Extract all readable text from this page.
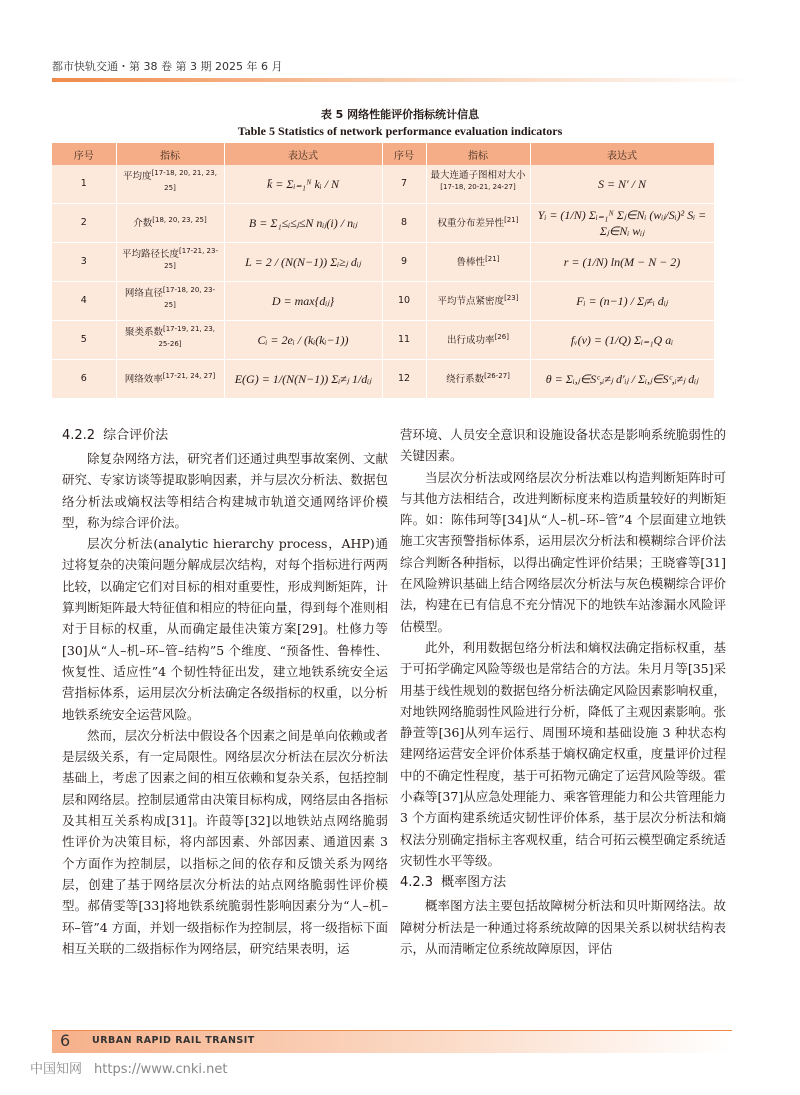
都市快轨交通・第 38 卷 第 3 期 2025 年 6 月
表 5 网络性能评价指标统计信息
Table 5 Statistics of network performance evaluation indicators
序号	指标	表达式	序号	指标	表达式
1	平均度[17-18, 20, 21, 23, 25]	k̄ = Σᵢ₌₁ᴺ kᵢ / N	7	最大连通子图相对大小[17-18, 20-21, 24-27]	S = N′ / N
2	介数[18, 20, 23, 25]	B = Σ₁≤ᵢ≤ⱼ≤N nᵢⱼ(i) / nᵢⱼ	8	权重分布差异性[21]	Yᵢ = (1/N) Σᵢ₌₁ᴺ Σⱼ∈Nᵢ (wᵢⱼ/Sᵢ)² Sᵢ = Σⱼ∈Nᵢ wᵢⱼ
3	平均路径长度[17-21, 23-25]	L = 2 / (N(N−1)) Σᵢ≥ⱼ dᵢⱼ	9	鲁棒性[21]	r = (1/N) ln(M − N − 2)
4	网络直径[17-18, 20, 23-25]	D = max{dᵢⱼ}	10	平均节点紧密度[23]	Fᵢ = (n−1) / Σⱼ≠ᵢ dᵢⱼ
5	聚类系数[17-19, 21, 23, 25-26]	Cᵢ = 2eᵢ / (kᵢ(kᵢ−1))	11	出行成功率[26]	fᵥ(v) = (1/Q) Σᵢ₌₁Q aᵢ
6	网络效率[17-21, 24, 27]	E(G) = 1/(N(N−1)) Σᵢ≠ⱼ 1/dᵢⱼ	12	绕行系数[26-27]	θ = Σᵢ,ⱼ∈Sᶜ,ᵢ≠ⱼ d′ᵢⱼ / Σᵢ,ⱼ∈Sᶜ,ᵢ≠ⱼ dᵢⱼ
4.2.2 综合评价法

除复杂网络方法，研究者们还通过典型事故案例、文献研究、专家访谈等提取影响因素，并与层次分析法、数据包络分析法或熵权法等相结合构建城市轨道交通网络评价模型，称为综合评价法。

层次分析法(analytic hierarchy process，AHP)通过将复杂的决策问题分解成层次结构，对每个指标进行两两比较，以确定它们对目标的相对重要性，形成判断矩阵，计算判断矩阵最大特征值和相应的特征向量，得到每个准则相对于目标的权重，从而确定最佳决策方案[29]。杜修力等[30]从“人–机–环–管–结构”5 个维度、“预备性、鲁棒性、恢复性、适应性”4 个韧性特征出发，建立地铁系统安全运营指标体系，运用层次分析法确定各级指标的权重，以分析地铁系统安全运营风险。

然而，层次分析法中假设各个因素之间是单向依赖或者是层级关系，有一定局限性。网络层次分析法在层次分析法基础上，考虑了因素之间的相互依赖和复杂关系，包括控制层和网络层。控制层通常由决策目标构成，网络层由各指标及其相互关系构成[31]。许葭等[32]以地铁站点网络脆弱性评价为决策目标，将内部因素、外部因素、通道因素 3 个方面作为控制层，以指标之间的依存和反馈关系为网络层，创建了基于网络层次分析法的站点网络脆弱性评价模型。郝倩雯等[33]将地铁系统脆弱性影响因素分为“人–机–环–管”4 方面，并划一级指标作为控制层，将一级指标下面相互关联的二级指标作为网络层，研究结果表明，运

营环境、人员安全意识和设施设备状态是影响系统脆弱性的关键因素。

当层次分析法或网络层次分析法难以构造判断矩阵时可与其他方法相结合，改进判断标度来构造质量较好的判断矩阵。如：陈伟珂等[34]从“人–机–环–管”4 个层面建立地铁施工灾害预警指标体系，运用层次分析法和模糊综合评价法综合判断各种指标，以得出确定性评价结果；王晓睿等[31]在风险辨识基础上结合网络层次分析法与灰色模糊综合评价法，构建在已有信息不充分情况下的地铁车站渗漏水风险评估模型。

此外，利用数据包络分析法和熵权法确定指标权重，基于可拓学确定风险等级也是常结合的方法。朱月月等[35]采用基于线性规划的数据包络分析法确定风险因素影响权重，对地铁网络脆弱性风险进行分析，降低了主观因素影响。张静萱等[36]从列车运行、周围环境和基础设施 3 种状态构建网络运营安全评价体系基于熵权确定权重，度量评价过程中的不确定性程度，基于可拓物元确定了运营风险等级。霍小森等[37]从应急处理能力、乘客管理能力和公共管理能力 3 个方面构建系统适灾韧性评价体系，基于层次分析法和熵权法分别确定指标主客观权重，结合可拓云模型确定系统适灾韧性水平等级。

4.2.3 概率图方法

概率图方法主要包括故障树分析法和贝叶斯网络法。故障树分析法是一种通过将系统故障的因果关系以树状结构表示，从而清晰定位系统故障原因，评估

6 URBAN RAPID RAIL TRANSIT
中国知网 https://www.cnki.net
